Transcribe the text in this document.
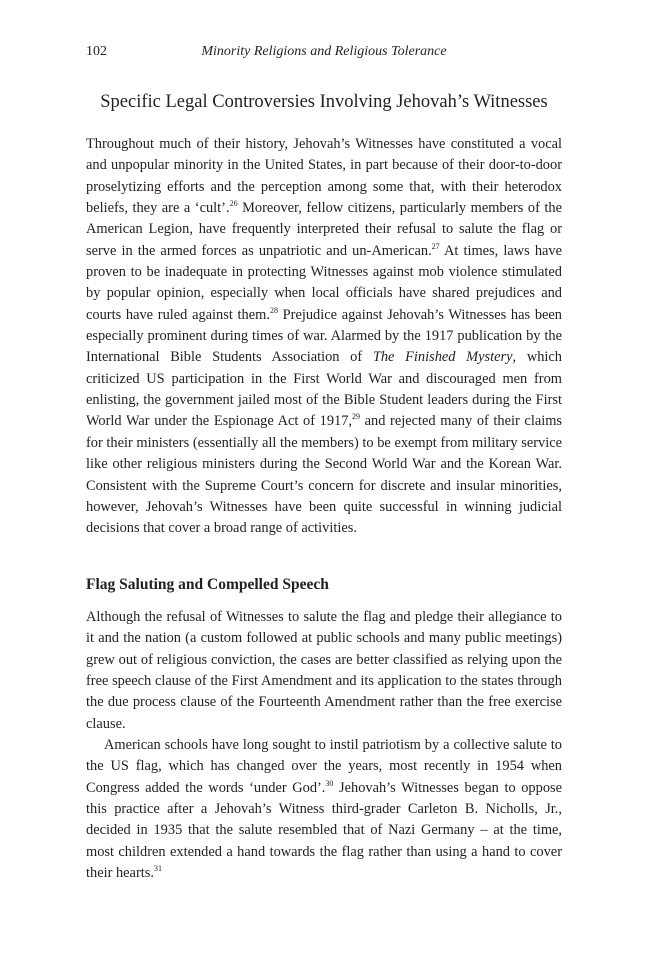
102	Minority Religions and Religious Tolerance
Specific Legal Controversies Involving Jehovah’s Witnesses

Throughout much of their history, Jehovah’s Witnesses have constituted a vocal and unpopular minority in the United States, in part because of their door-to-door proselytizing efforts and the perception among some that, with their heterodox beliefs, they are a ‘cult’.$^{26}$ Moreover, fellow citizens, particularly members of the American Legion, have frequently interpreted their refusal to salute the flag or serve in the armed forces as unpatriotic and un-American.$^{27}$ At times, laws have proven to be inadequate in protecting Witnesses against mob violence stimulated by popular opinion, especially when local officials have shared prejudices and courts have ruled against them.$^{28}$ Prejudice against Jehovah’s Witnesses has been especially prominent during times of war. Alarmed by the 1917 publication by the International Bible Students Association of The Finished Mystery, which criticized US participation in the First World War and discouraged men from enlisting, the government jailed most of the Bible Student leaders during the First World War under the Espionage Act of 1917,29 and rejected many of their claims for their ministers (essentially all the members) to be exempt from military service like other religious ministers during the Second World War and the Korean War. Consistent with the Supreme Court’s concern for discrete and insular minorities, however, Jehovah’s Witnesses have been quite successful in winning judicial decisions that cover a broad range of activities.

Flag Saluting and Compelled Speech

Although the refusal of Witnesses to salute the flag and pledge their allegiance to it and the nation (a custom followed at public schools and many public meetings) grew out of religious conviction, the cases are better classified as relying upon the free speech clause of the First Amendment and its application to the states through the due process clause of the Fourteenth Amendment rather than the free exercise clause.

American schools have long sought to instil patriotism by a collective salute to the US flag, which has changed over the years, most recently in 1954 when Congress added the words ‘under God’.$^{30}$ Jehovah’s Witnesses began to oppose this practice after a Jehovah’s Witness third-grader Carleton B. Nicholls, Jr., decided in 1935 that the salute resembled that of Nazi Germany – at the time, most children extended a hand towards the flag rather than using a hand to cover their hearts.$^{31}$
